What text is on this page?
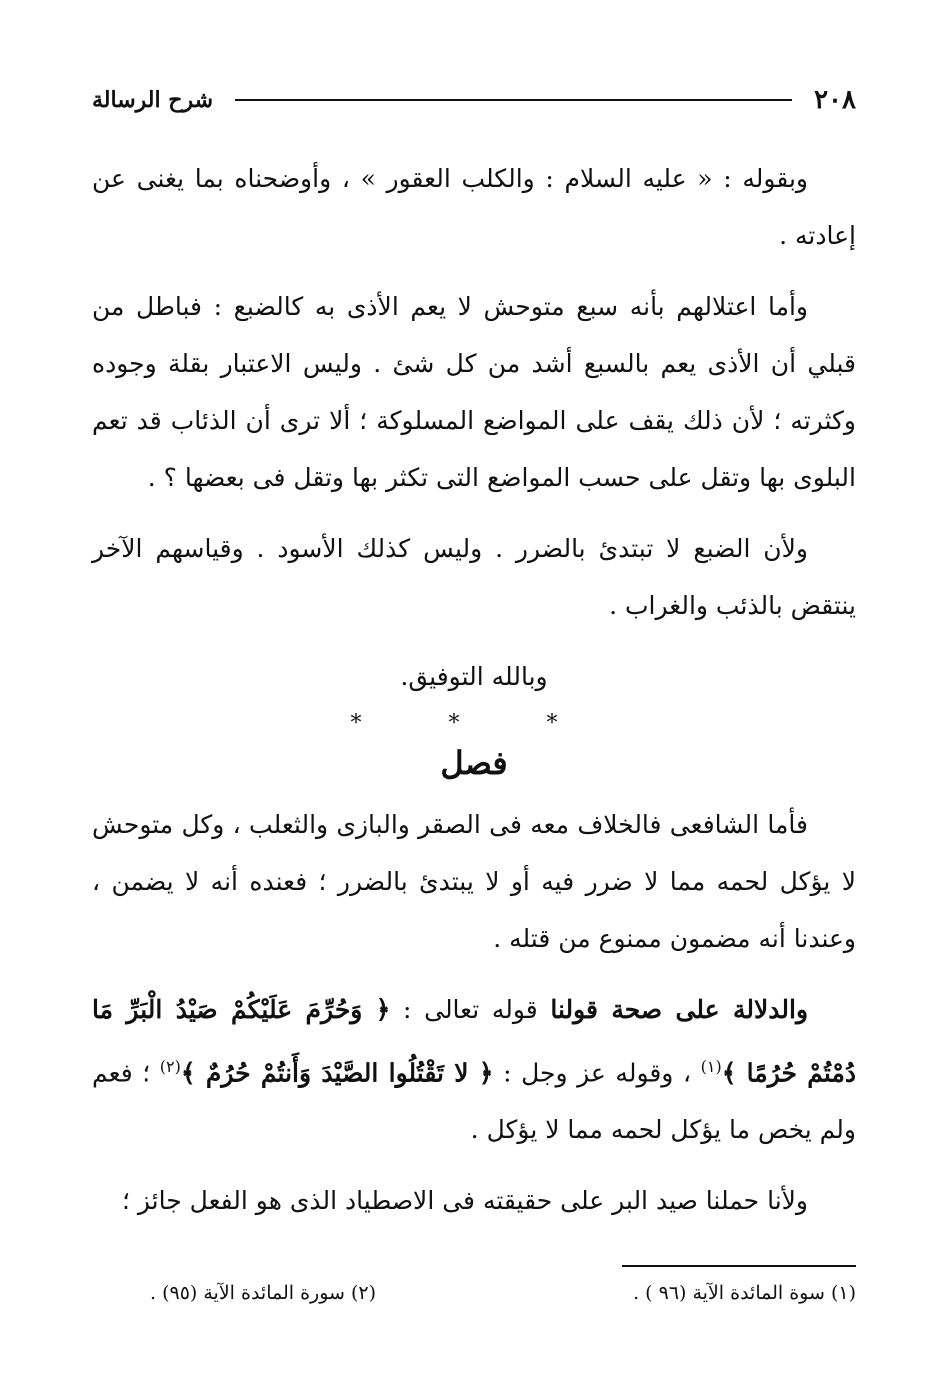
٢٠٨
شرح الرسالة

وبقوله : « عليه السلام : والكلب العقور » ، وأوضحناه بما يغنى عن إعادته .

وأما اعتلالهم بأنه سبع متوحش لا يعم الأذى به كالضبع : فباطل من قبلي أن الأذى يعم بالسبع أشد من كل شئ . وليس الاعتبار بقلة وجوده وكثرته ؛ لأن ذلك يقف على المواضع المسلوكة ؛ ألا ترى أن الذئاب قد تعم البلوى بها وتقل على حسب المواضع التى تكثر بها وتقل فى بعضها ؟ .

ولأن الضبع لا تبتدئ بالضرر . وليس كذلك الأسود . وقياسهم الآخر ينتقض بالذئب والغراب .

وبالله التوفيق.
* * *
فصل

فأما الشافعى فالخلاف معه فى الصقر والبازى والثعلب ، وكل متوحش لا يؤكل لحمه مما لا ضرر فيه أو لا يبتدئ بالضرر ؛ فعنده أنه لا يضمن ، وعندنا أنه مضمون ممنوع من قتله .

والدلالة على صحة قولنا قوله تعالى : ﴿ وَحُرِّمَ عَلَيْكُمْ صَيْدُ الْبَرِّ مَا دُمْتُمْ حُرُمًا ﴾$^{(١)}$ ، وقوله عز وجل : ﴿ لا تَقْتُلُوا الصَّيْدَ وَأَنتُمْ حُرُمٌ ﴾$^{(٢)}$ ؛ فعم ولم يخص ما يؤكل لحمه مما لا يؤكل .

ولأنا حملنا صيد البر على حقيقته فى الاصطياد الذى هو الفعل جائز ؛

(١) سوة المائدة الآية (٩٦ ) .
(٢) سورة المائدة الآية (٩٥) .
